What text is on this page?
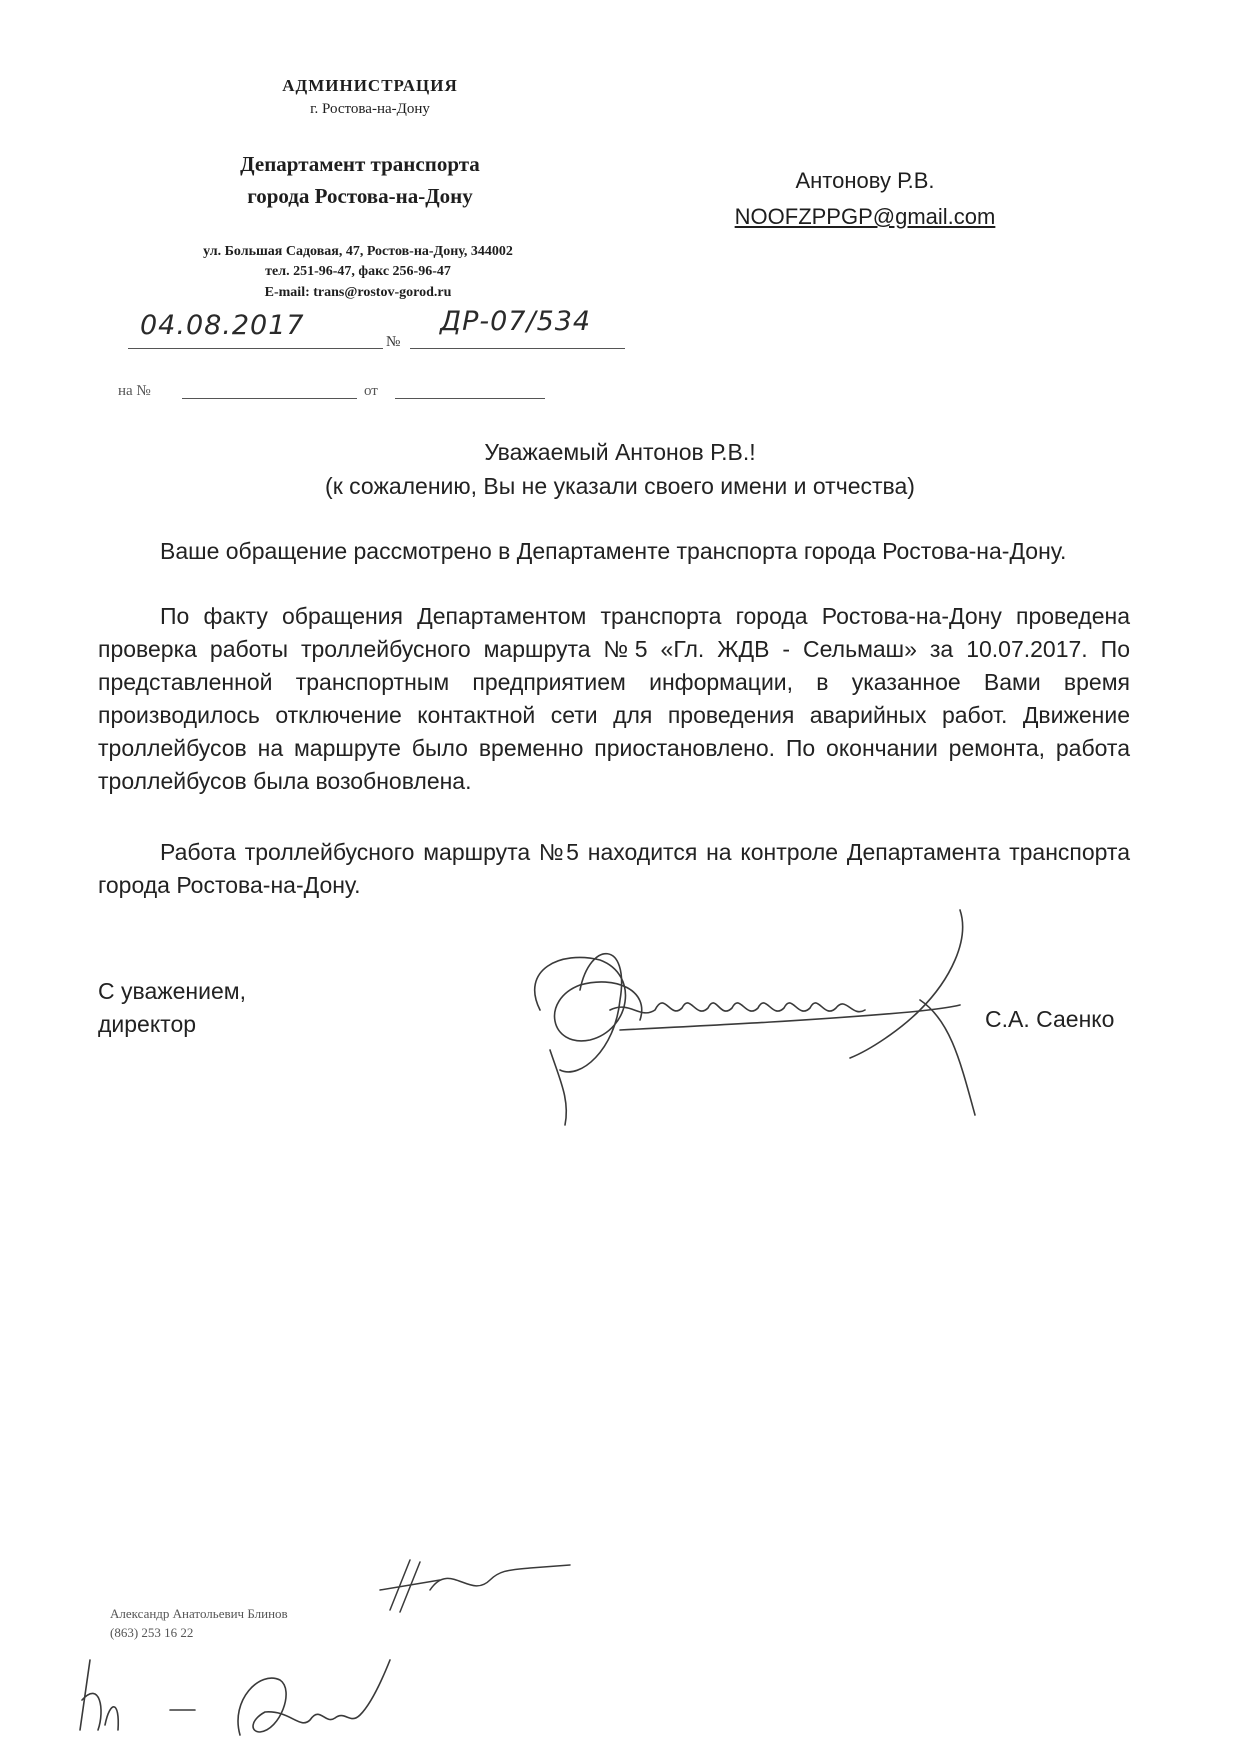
АДМИНИСТРАЦИЯ
г. Ростова-на-Дону
Департамент транспорта
города Ростова-на-Дону
ул. Большая Садовая, 47, Ростов-на-Дону, 344002
тел. 251-96-47, факс 256-96-47
E-mail: trans@rostov-gorod.ru
04.08.2017
№
ДР-07/534
на №	от
Антонову Р.В.
NOOFZPPGP@gmail.com
Уважаемый Антонов Р.В.!
(к сожалению, Вы не указали своего имени и отчества)
Ваше обращение рассмотрено в Департаменте транспорта города Ростова-на-Дону.
По факту обращения Департаментом транспорта города Ростова-на-Дону проведена проверка работы троллейбусного маршрута №5 «Гл. ЖДВ - Сельмаш» за 10.07.2017. По представленной транспортным предприятием информации, в указанное Вами время производилось отключение контактной сети для проведения аварийных работ. Движение троллейбусов на маршруте было временно приостановлено. По окончании ремонта, работа троллейбусов была возобновлена.
Работа троллейбусного маршрута №5 находится на контроле Департамента транспорта города Ростова-на-Дону.
С уважением,
директор	С.А. Саенко
Александр Анатольевич Блинов
(863) 253 16 22
